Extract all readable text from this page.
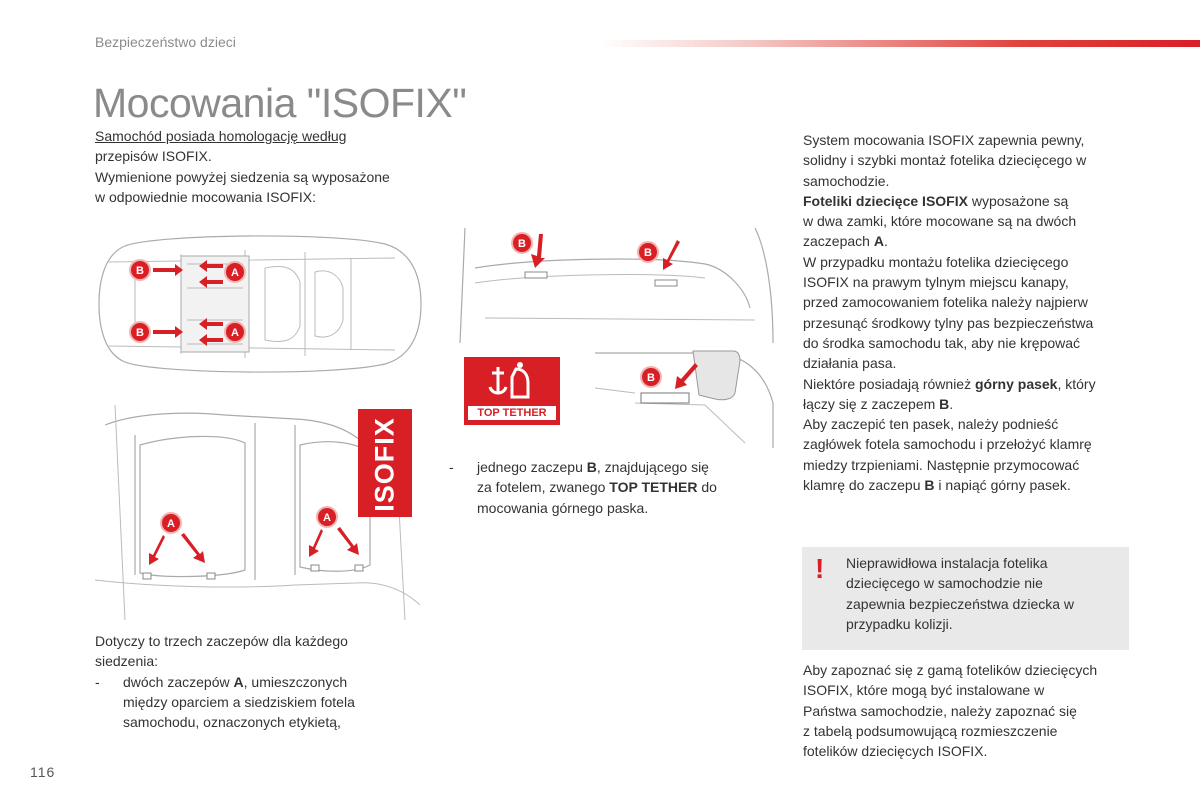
Bezpieczeństwo dzieci
Mocowania "ISOFIX"
Samochód posiada homologację według
przepisów ISOFIX.
Wymienione powyżej siedzenia są wyposażone
w odpowiednie mocowania ISOFIX:
B
B
A
A
A	A
ISOFIX
B
B
TOP TETHER
B
-	jednego zaczepu B, znajdującego się
za fotelem, zwanego TOP TETHER do
mocowania górnego paska.
Dotyczy to trzech zaczepów dla każdego
siedzenia:
-	dwóch zaczepów A, umieszczonych
między oparciem a siedziskiem fotela
samochodu, oznaczonych etykietą,
System mocowania ISOFIX zapewnia pewny,
solidny i szybki montaż fotelika dziecięcego w
samochodzie.
Foteliki dziecięce ISOFIX wyposażone są
w dwa zamki, które mocowane są na dwóch
zaczepach A.
W przypadku montażu fotelika dziecięcego
ISOFIX na prawym tylnym miejscu kanapy,
przed zamocowaniem fotelika należy najpierw
przesunąć środkowy tylny pas bezpieczeństwa
do środka samochodu tak, aby nie krępować
działania pasa.
Niektóre posiadają również górny pasek, który
łączy się z zaczepem B.
Aby zaczepić ten pasek, należy podnieść
zagłówek fotela samochodu i przełożyć klamrę
miedzy trzpieniami. Następnie przymocować
klamrę do zaczepu B i napiąć górny pasek.
! Nieprawidłowa instalacja fotelika
dziecięcego w samochodzie nie
zapewnia bezpieczeństwa dziecka w
przypadku kolizji.
Aby zapoznać się z gamą fotelików dziecięcych
ISOFIX, które mogą być instalowane w
Państwa samochodzie, należy zapoznać się
z tabelą podsumowującą rozmieszczenie
fotelików dziecięcych ISOFIX.
116
